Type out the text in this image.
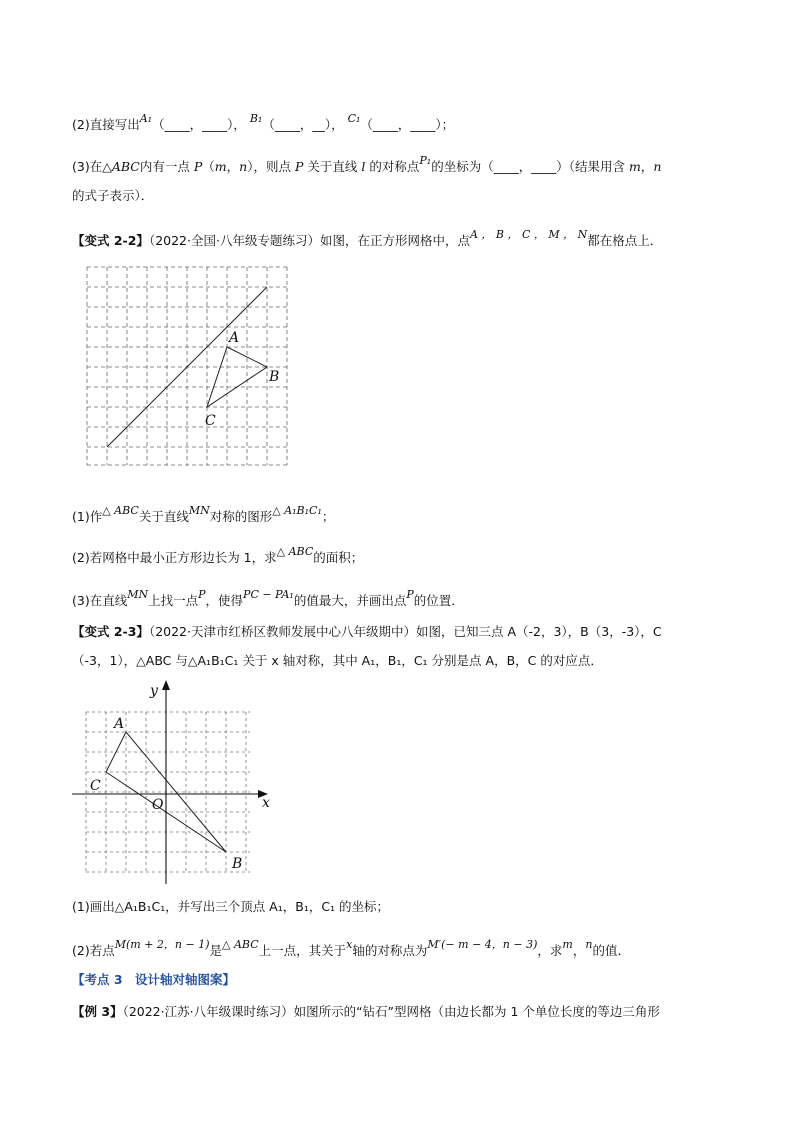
(2)直接写出A₁（____，____）， B₁（____，__）， C₁（____，____）；
(3)在△ABC内有一点 P（m，n），则点 P 关于直线 l 的对称点P₁的坐标为（____，____）（结果用含 m，n
的式子表示）．
【变式 2-2】（2022·全国·八年级专题练习）如图，在正方形网格中，点A ， B ， C ， M ， N都在格点上．
A
B
C
(1)作△ ABC关于直线MN对称的图形△ A₁B₁C₁；
(2)若网格中最小正方形边长为 1，求△ ABC的面积；
(3)在直线MN上找一点P，使得PC − PA₁的值最大，并画出点P的位置．
【变式 2-3】（2022·天津市红桥区教师发展中心八年级期中）如图，已知三点 A（-2，3），B（3，-3），C
（-3，1），△ABC 与△A₁B₁C₁ 关于 x 轴对称，其中 A₁，B₁，C₁ 分别是点 A，B，C 的对应点．
A
B
C
O	x
y
(1)画出△A₁B₁C₁，并写出三个顶点 A₁，B₁，C₁ 的坐标；
(2)若点M(m + 2，n − 1)是△ ABC上一点，其关于x轴的对称点为M′(− m − 4，n − 3)，求m，n的值．
【考点 3　设计轴对轴图案】
【例 3】（2022·江苏·八年级课时练习）如图所示的“钻石”型网格（由边长都为 1 个单位长度的等边三角形
